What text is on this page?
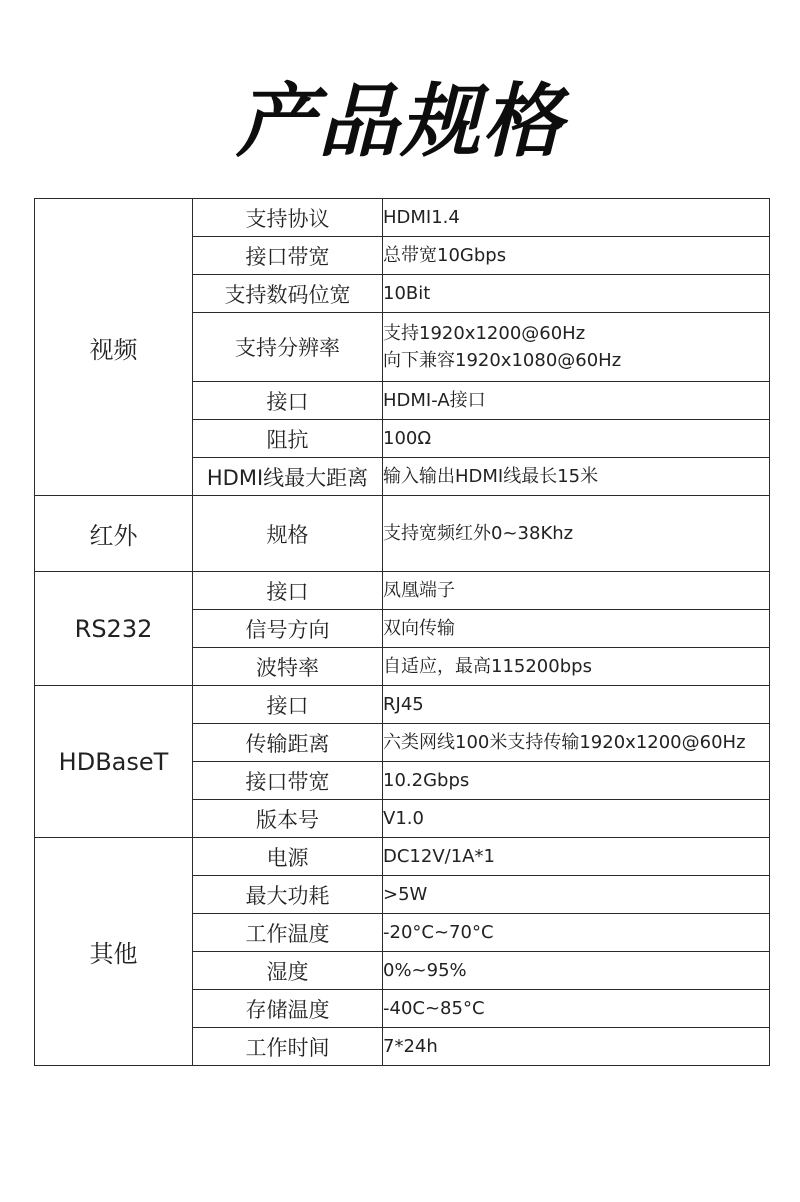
产品规格
视频	支持协议	HDMI1.4

	接口带宽	总带宽10Gbps

	支持数码位宽	10Bit

	支持分辨率	支持1920x1200@60Hz
向下兼容1920x1080@60Hz

	接口	HDMI-A接口

	阻抗	100Ω

	HDMI线最大距离	输入输出HDMI线最长15米

红外	规格	支持宽频红外0~38Khz

RS232	接口	凤凰端子

	信号方向	双向传输

	波特率	自适应，最高115200bps

HDBaseT	接口	RJ45

	传输距离	六类网线100米支持传输1920x1200@60Hz

	接口带宽	10.2Gbps

	版本号	V1.0

其他	电源	DC12V/1A*1

	最大功耗	>5W

	工作温度	-20°C~70°C

	湿度	0%~95%

	存储温度	-40C~85°C

	工作时间	7*24h
